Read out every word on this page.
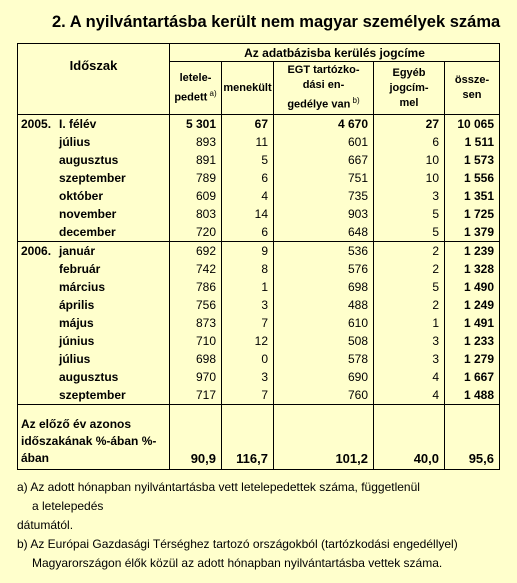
2. A nyilvántartásba került nem magyar személyek száma
Időszak	Az adatbázisba kerülés jogcíme				
	letele-
pedett $^{a)}$	menekült	EGT tartózko-
dási en-
gedélye van $^{b)}$	Egyéb
jogcím-
mel	össze-
sen
2005. I. félév	5 301	67	4 670	27	10 065
július	893	11	601	6	1 511
augusztus	891	5	667	10	1 573
szeptember	789	6	751	10	1 556
október	609	4	735	3	1 351
november	803	14	903	5	1 725
december	720	6	648	5	1 379
2006. január	692	9	536	2	1 239
február	742	8	576	2	1 328
március	786	1	698	5	1 490
április	756	3	488	2	1 249
május	873	7	610	1	1 491
június	710	12	508	3	1 233
július	698	0	578	3	1 279
augusztus	970	3	690	4	1 667
szeptember	717	7	760	4	1 488
Az előző év azonos időszakának %-ában %-ában	90,9	116,7	101,2	40,0	95,6
a) Az adott hónapban nyilvántartásba vett letelepedettek száma, függetlenül
a letelepedés
dátumától.
b) Az Európai Gazdasági Térséghez tartozó országokból (tartózkodási engedéllyel)
Magyarországon élők közül az adott hónapban nyilvántartásba vettek száma.
